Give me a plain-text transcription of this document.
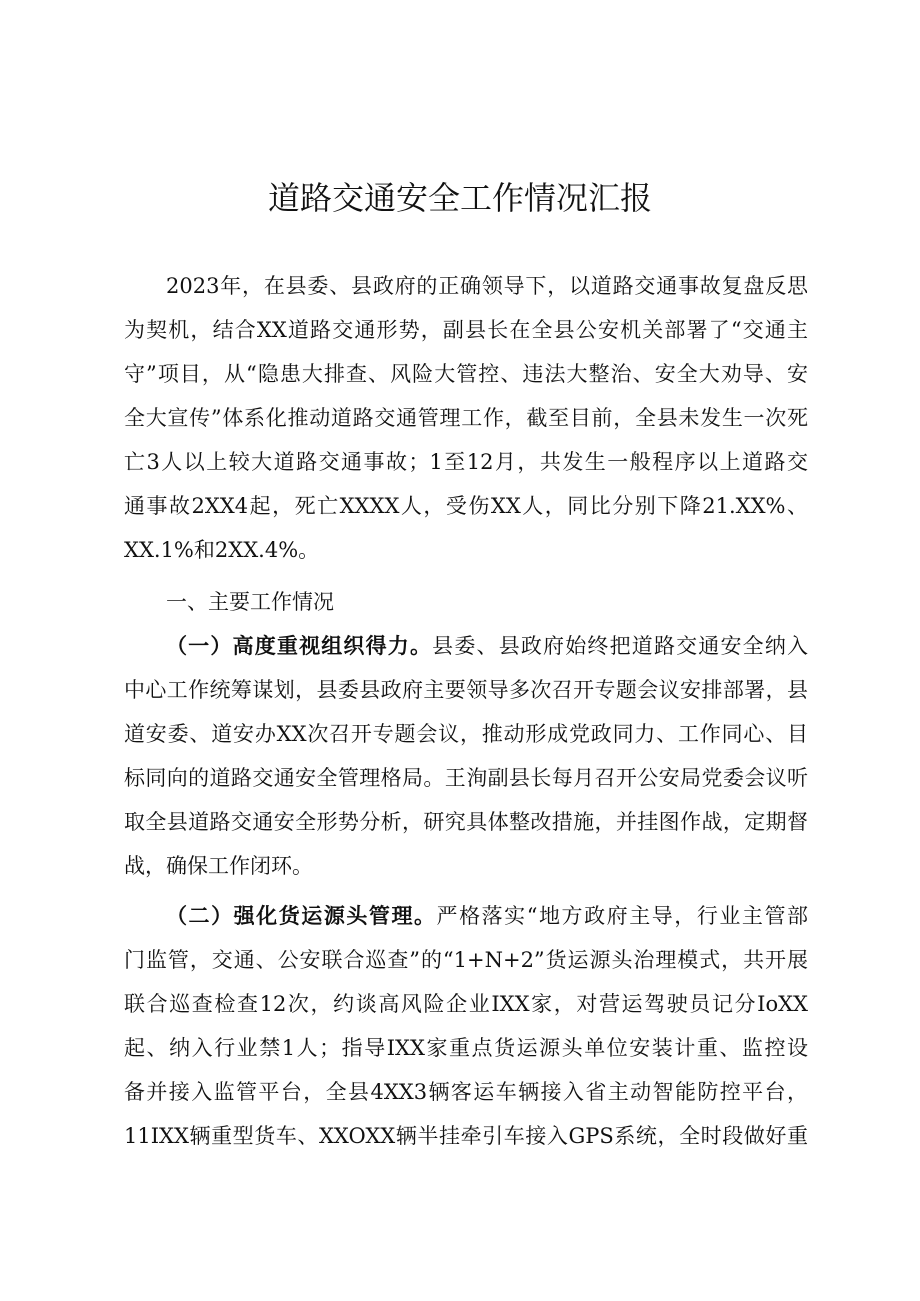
道路交通安全工作情况汇报
2023年，在县委、县政府的正确领导下，以道路交通事故复盘反思
为契机，结合XX道路交通形势，副县长在全县公安机关部署了“交通主
守”项目，从“隐患大排查、风险大管控、违法大整治、安全大劝导、安
全大宣传”体系化推动道路交通管理工作，截至目前，全县未发生一次死
亡3人以上较大道路交通事故；1至12月，共发生一般程序以上道路交
通事故2XX4起，死亡XXXX人，受伤XX人，同比分别下降21.XX%、
XX.1%和2XX.4%。
一、主要工作情况
（一）高度重视组织得力。县委、县政府始终把道路交通安全纳入
中心工作统筹谋划，县委县政府主要领导多次召开专题会议安排部署，县
道安委、道安办XX次召开专题会议，推动形成党政同力、工作同心、目
标同向的道路交通安全管理格局。王洵副县长每月召开公安局党委会议听
取全县道路交通安全形势分析，研究具体整改措施，并挂图作战，定期督
战，确保工作闭环。
（二）强化货运源头管理。严格落实“地方政府主导，行业主管部
门监管，交通、公安联合巡查”的“1+N+2”货运源头治理模式，共开展
联合巡查检查12次，约谈高风险企业IXX家，对营运驾驶员记分IoXX
起、纳入行业禁1人；指导IXX家重点货运源头单位安装计重、监控设
备并接入监管平台，全县4XX3辆客运车辆接入省主动智能防控平台，
11IXX辆重型货车、XXOXX辆半挂牵引车接入GPS系统，全时段做好重
